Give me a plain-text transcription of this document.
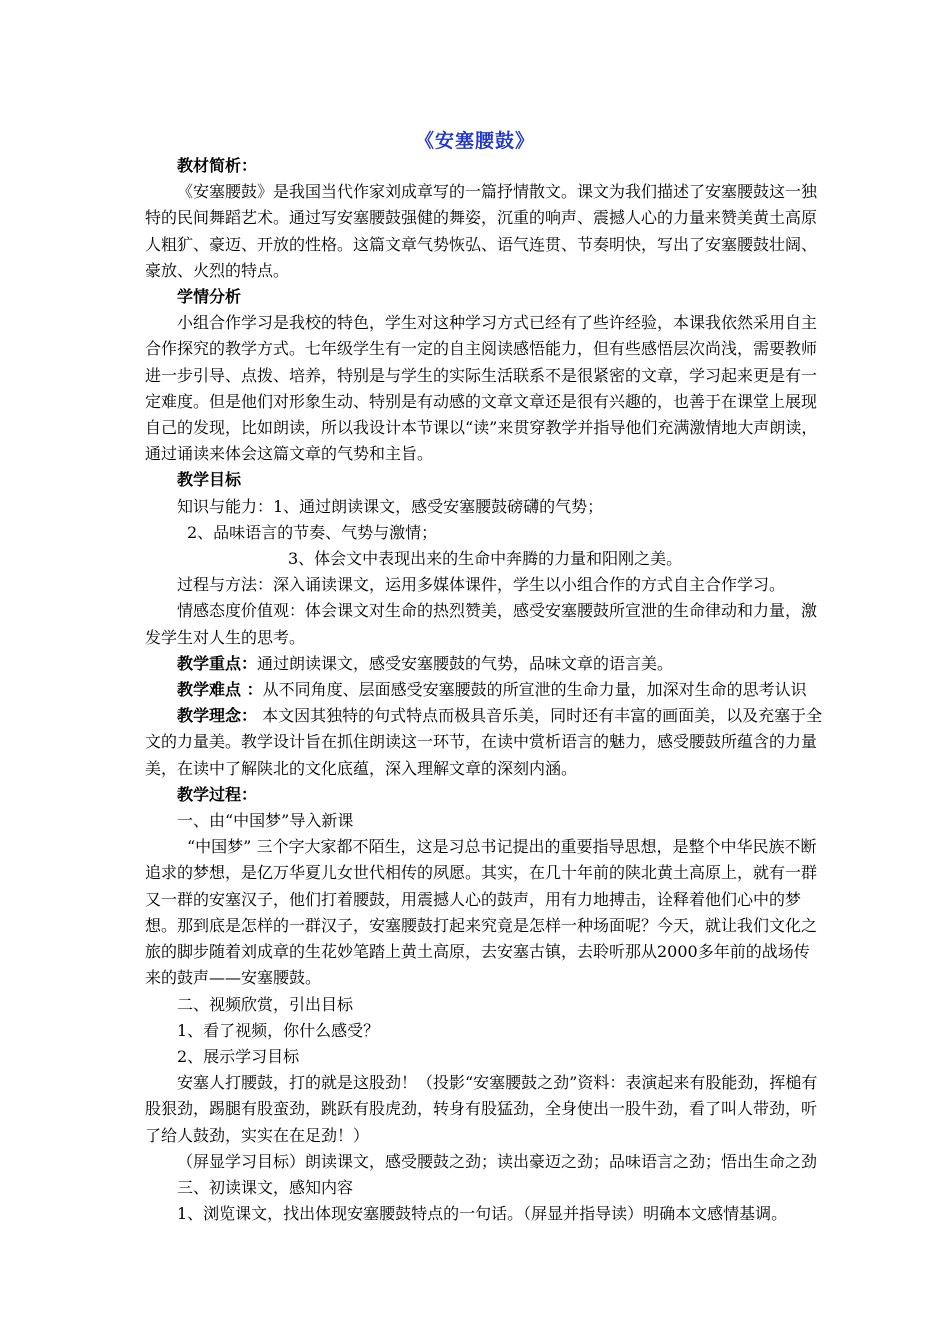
《安塞腰鼓》

教材简析：

《安塞腰鼓》是我国当代作家刘成章写的一篇抒情散文。课文为我们描述了安塞腰鼓这一独特的民间舞蹈艺术。通过写安塞腰鼓强健的舞姿，沉重的响声、震撼人心的力量来赞美黄土高原人粗犷、豪迈、开放的性格。这篇文章气势恢弘、语气连贯、节奏明快，写出了安塞腰鼓壮阔、豪放、火烈的特点。

学情分析

小组合作学习是我校的特色，学生对这种学习方式已经有了些许经验，本课我依然采用自主合作探究的教学方式。七年级学生有一定的自主阅读感悟能力，但有些感悟层次尚浅，需要教师进一步引导、点拨、培养，特别是与学生的实际生活联系不是很紧密的文章，学习起来更是有一定难度。但是他们对形象生动、特别是有动感的文章文章还是很有兴趣的，也善于在课堂上展现自己的发现，比如朗读，所以我设计本节课以“读”来贯穿教学并指导他们充满激情地大声朗读，通过诵读来体会这篇文章的气势和主旨。

教学目标

知识与能力：1、通过朗读课文，感受安塞腰鼓磅礴的气势；

2、品味语言的节奏、气势与激情；

3、体会文中表现出来的生命中奔腾的力量和阳刚之美。

过程与方法：深入诵读课文，运用多媒体课件，学生以小组合作的方式自主合作学习。

情感态度价值观：体会课文对生命的热烈赞美，感受安塞腰鼓所宣泄的生命律动和力量，激发学生对人生的思考。

教学重点：通过朗读课文，感受安塞腰鼓的气势，品味文章的语言美。

教学难点 ：从不同角度、层面感受安塞腰鼓的所宣泄的生命力量，加深对生命的思考认识

教学理念： 本文因其独特的句式特点而极具音乐美，同时还有丰富的画面美，以及充塞于全文的力量美。教学设计旨在抓住朗读这一环节，在读中赏析语言的魅力，感受腰鼓所蕴含的力量美，在读中了解陕北的文化底蕴，深入理解文章的深刻内涵。

教学过程：

一、由“中国梦”导入新课

“中国梦” 三个字大家都不陌生，这是习总书记提出的重要指导思想，是整个中华民族不断追求的梦想，是亿万华夏儿女世代相传的夙愿。其实，在几十年前的陕北黄土高原上，就有一群又一群的安塞汉子，他们打着腰鼓，用震撼人心的鼓声，用有力地搏击，诠释着他们心中的梦想。那到底是怎样的一群汉子，安塞腰鼓打起来究竟是怎样一种场面呢？今天，就让我们文化之旅的脚步随着刘成章的生花妙笔踏上黄土高原，去安塞古镇，去聆听那从2000多年前的战场传来的鼓声——安塞腰鼓。

二、视频欣赏，引出目标

1、看了视频，你什么感受？

2、展示学习目标

安塞人打腰鼓，打的就是这股劲！（投影“安塞腰鼓之劲”资料：表演起来有股能劲，挥槌有股狠劲，踢腿有股蛮劲，跳跃有股虎劲，转身有股猛劲，全身使出一股牛劲，看了叫人带劲，听了给人鼓劲，实实在在足劲！）

（屏显学习目标）朗读课文，感受腰鼓之劲；读出豪迈之劲；品味语言之劲；悟出生命之劲

三、初读课文，感知内容

1、浏览课文，找出体现安塞腰鼓特点的一句话。（屏显并指导读）明确本文感情基调。
